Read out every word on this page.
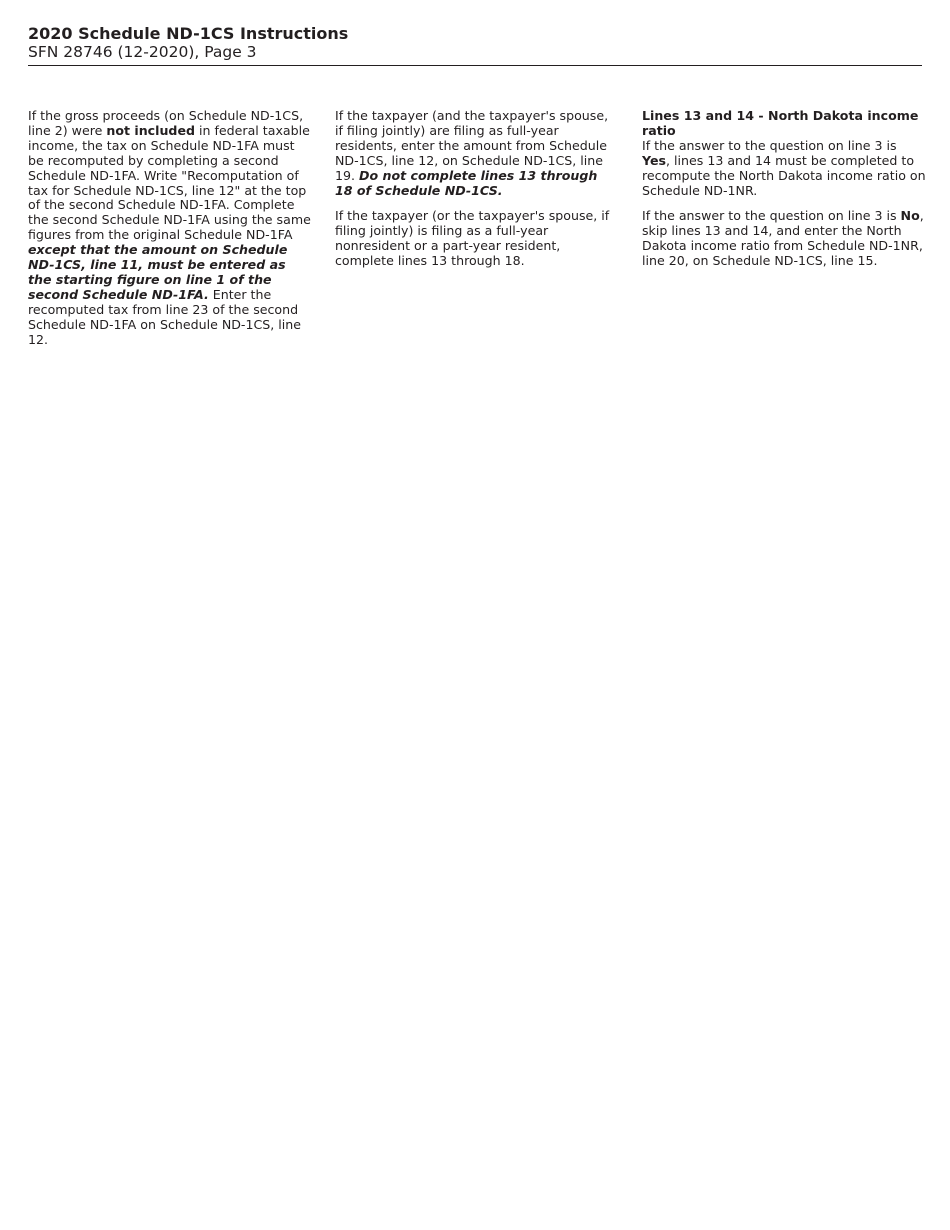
2020 Schedule ND-1CS Instructions
SFN 28746 (12-2020), Page 3

If the gross proceeds (on Schedule ND-1CS, line 2) were not included in federal taxable income, the tax on Schedule ND-1FA must be recomputed by completing a second Schedule ND-1FA. Write "Recomputation of tax for Schedule ND-1CS, line 12" at the top of the second Schedule ND-1FA. Complete the second Schedule ND-1FA using the same figures from the original Schedule ND-1FA except that the amount on Schedule ND-1CS, line 11, must be entered as the starting figure on line 1 of the second Schedule ND-1FA. Enter the recomputed tax from line 23 of the second Schedule ND-1FA on Schedule ND-1CS, line 12.

If the taxpayer (and the taxpayer's spouse, if filing jointly) are filing as full-year residents, enter the amount from Schedule ND-1CS, line 12, on Schedule ND-1CS, line 19. Do not complete lines 13 through 18 of Schedule ND-1CS.

If the taxpayer (or the taxpayer's spouse, if filing jointly) is filing as a full-year nonresident or a part-year resident, complete lines 13 through 18.

Lines 13 and 14 - North Dakota income ratio
If the answer to the question on line 3 is Yes, lines 13 and 14 must be completed to recompute the North Dakota income ratio on Schedule ND-1NR.

If the answer to the question on line 3 is No, skip lines 13 and 14, and enter the North Dakota income ratio from Schedule ND-1NR, line 20, on Schedule ND-1CS, line 15.
